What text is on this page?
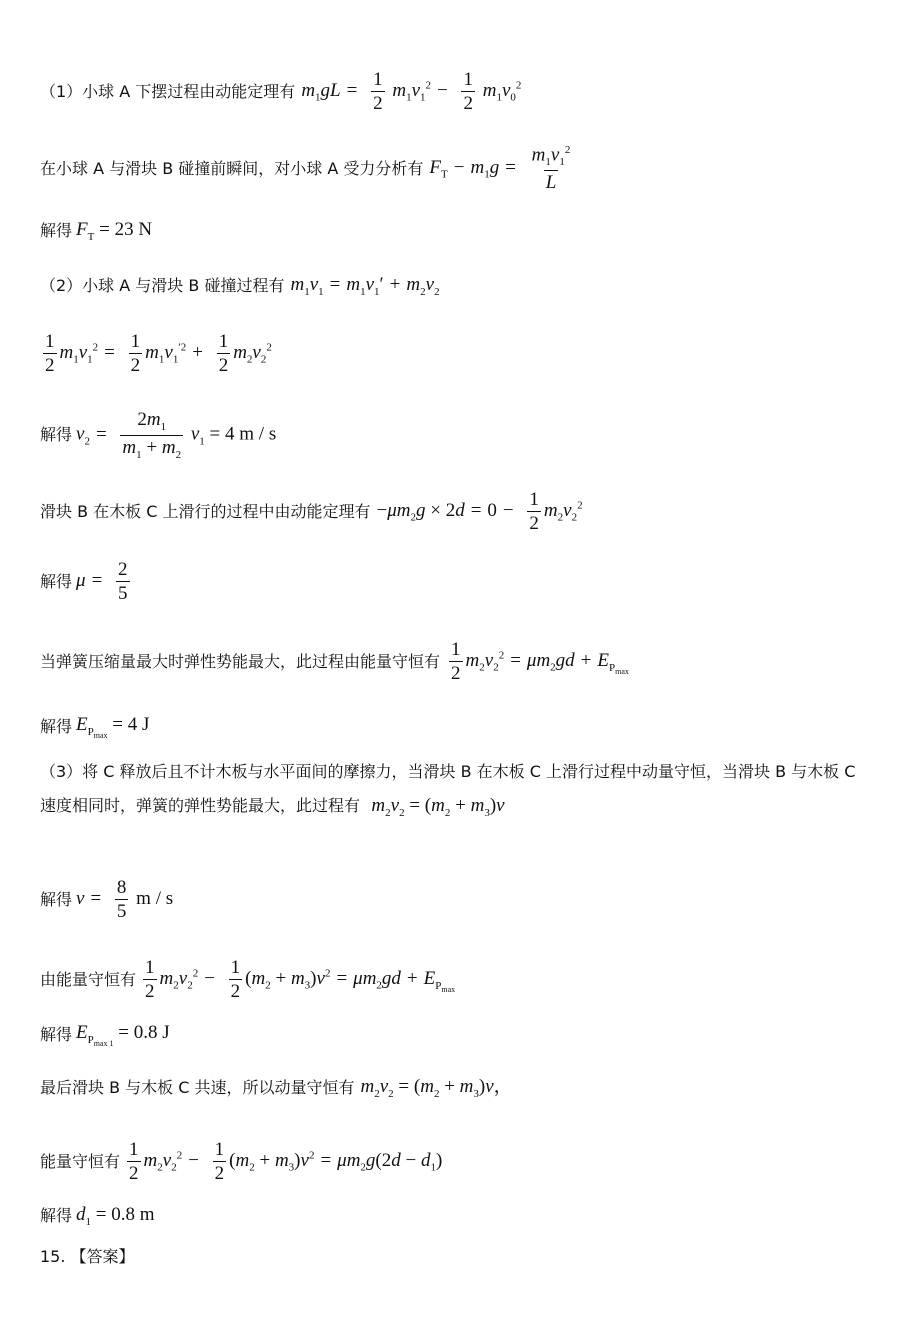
（1）小球 A 下摆过程由动能定理有 $m_1gL = \frac{1}{2} m_1v_1^2 - \frac{1}{2} m_1v_0^2$
在小球 A 与滑块 B 碰撞前瞬间，对小球 A 受力分析有 $F_T - m_1g = \frac{m_1v_1^2}{L}$
解得 $F_T = 23$ N
（2）小球 A 与滑块 B 碰撞过程有 $m_1v_1 = m_1v_1' + m_2v_2$
$\frac{1}{2} m_1v_1^2 = \frac{1}{2} m_1v_1^{'2} + \frac{1}{2} m_2v_2^2$
解得 $v_2 = \frac{2m_1}{m_1 + m_2} v_1 = 4$ m / s
滑块 B 在木板 C 上滑行的过程中由动能定理有 $-\mu m_2g \times 2d = 0 - \frac{1}{2} m_2v_2^2$
解得 $\mu = \frac{2}{5}$
当弹簧压缩量最大时弹性势能最大，此过程由能量守恒有 $\frac{1}{2} m_2v_2^2 = \mu m_2gd + E_{P_{max}}$
解得 $E_{P_{max}} = 4$ J
（3）将 C 释放后且不计木板与水平面间的摩擦力，当滑块 B 在木板 C 上滑行过程中动量守恒，当滑块 B 与木板 C 速度相同时，弹簧的弹性势能最大，此过程有 $m_2v_2 = (m_2 + m_3)v$
解得 $v = \frac{8}{5}$ m / s
由能量守恒有 $\frac{1}{2} m_2v_2^2 - \frac{1}{2} (m_2 + m_3)v^2 = \mu m_2gd + E_{P_{max}}$
解得 $E_{P_{max 1}} = 0.8$ J
最后滑块 B 与木板 C 共速，所以动量守恒有 $m_2v_2 = (m_2 + m_3)v$，
能量守恒有 $\frac{1}{2} m_2v_2^2 - \frac{1}{2} (m_2 + m_3)v^2 = \mu m_2g(2d - d_1)$
解得 $d_1 = 0.8$ m
15. 【答案】
